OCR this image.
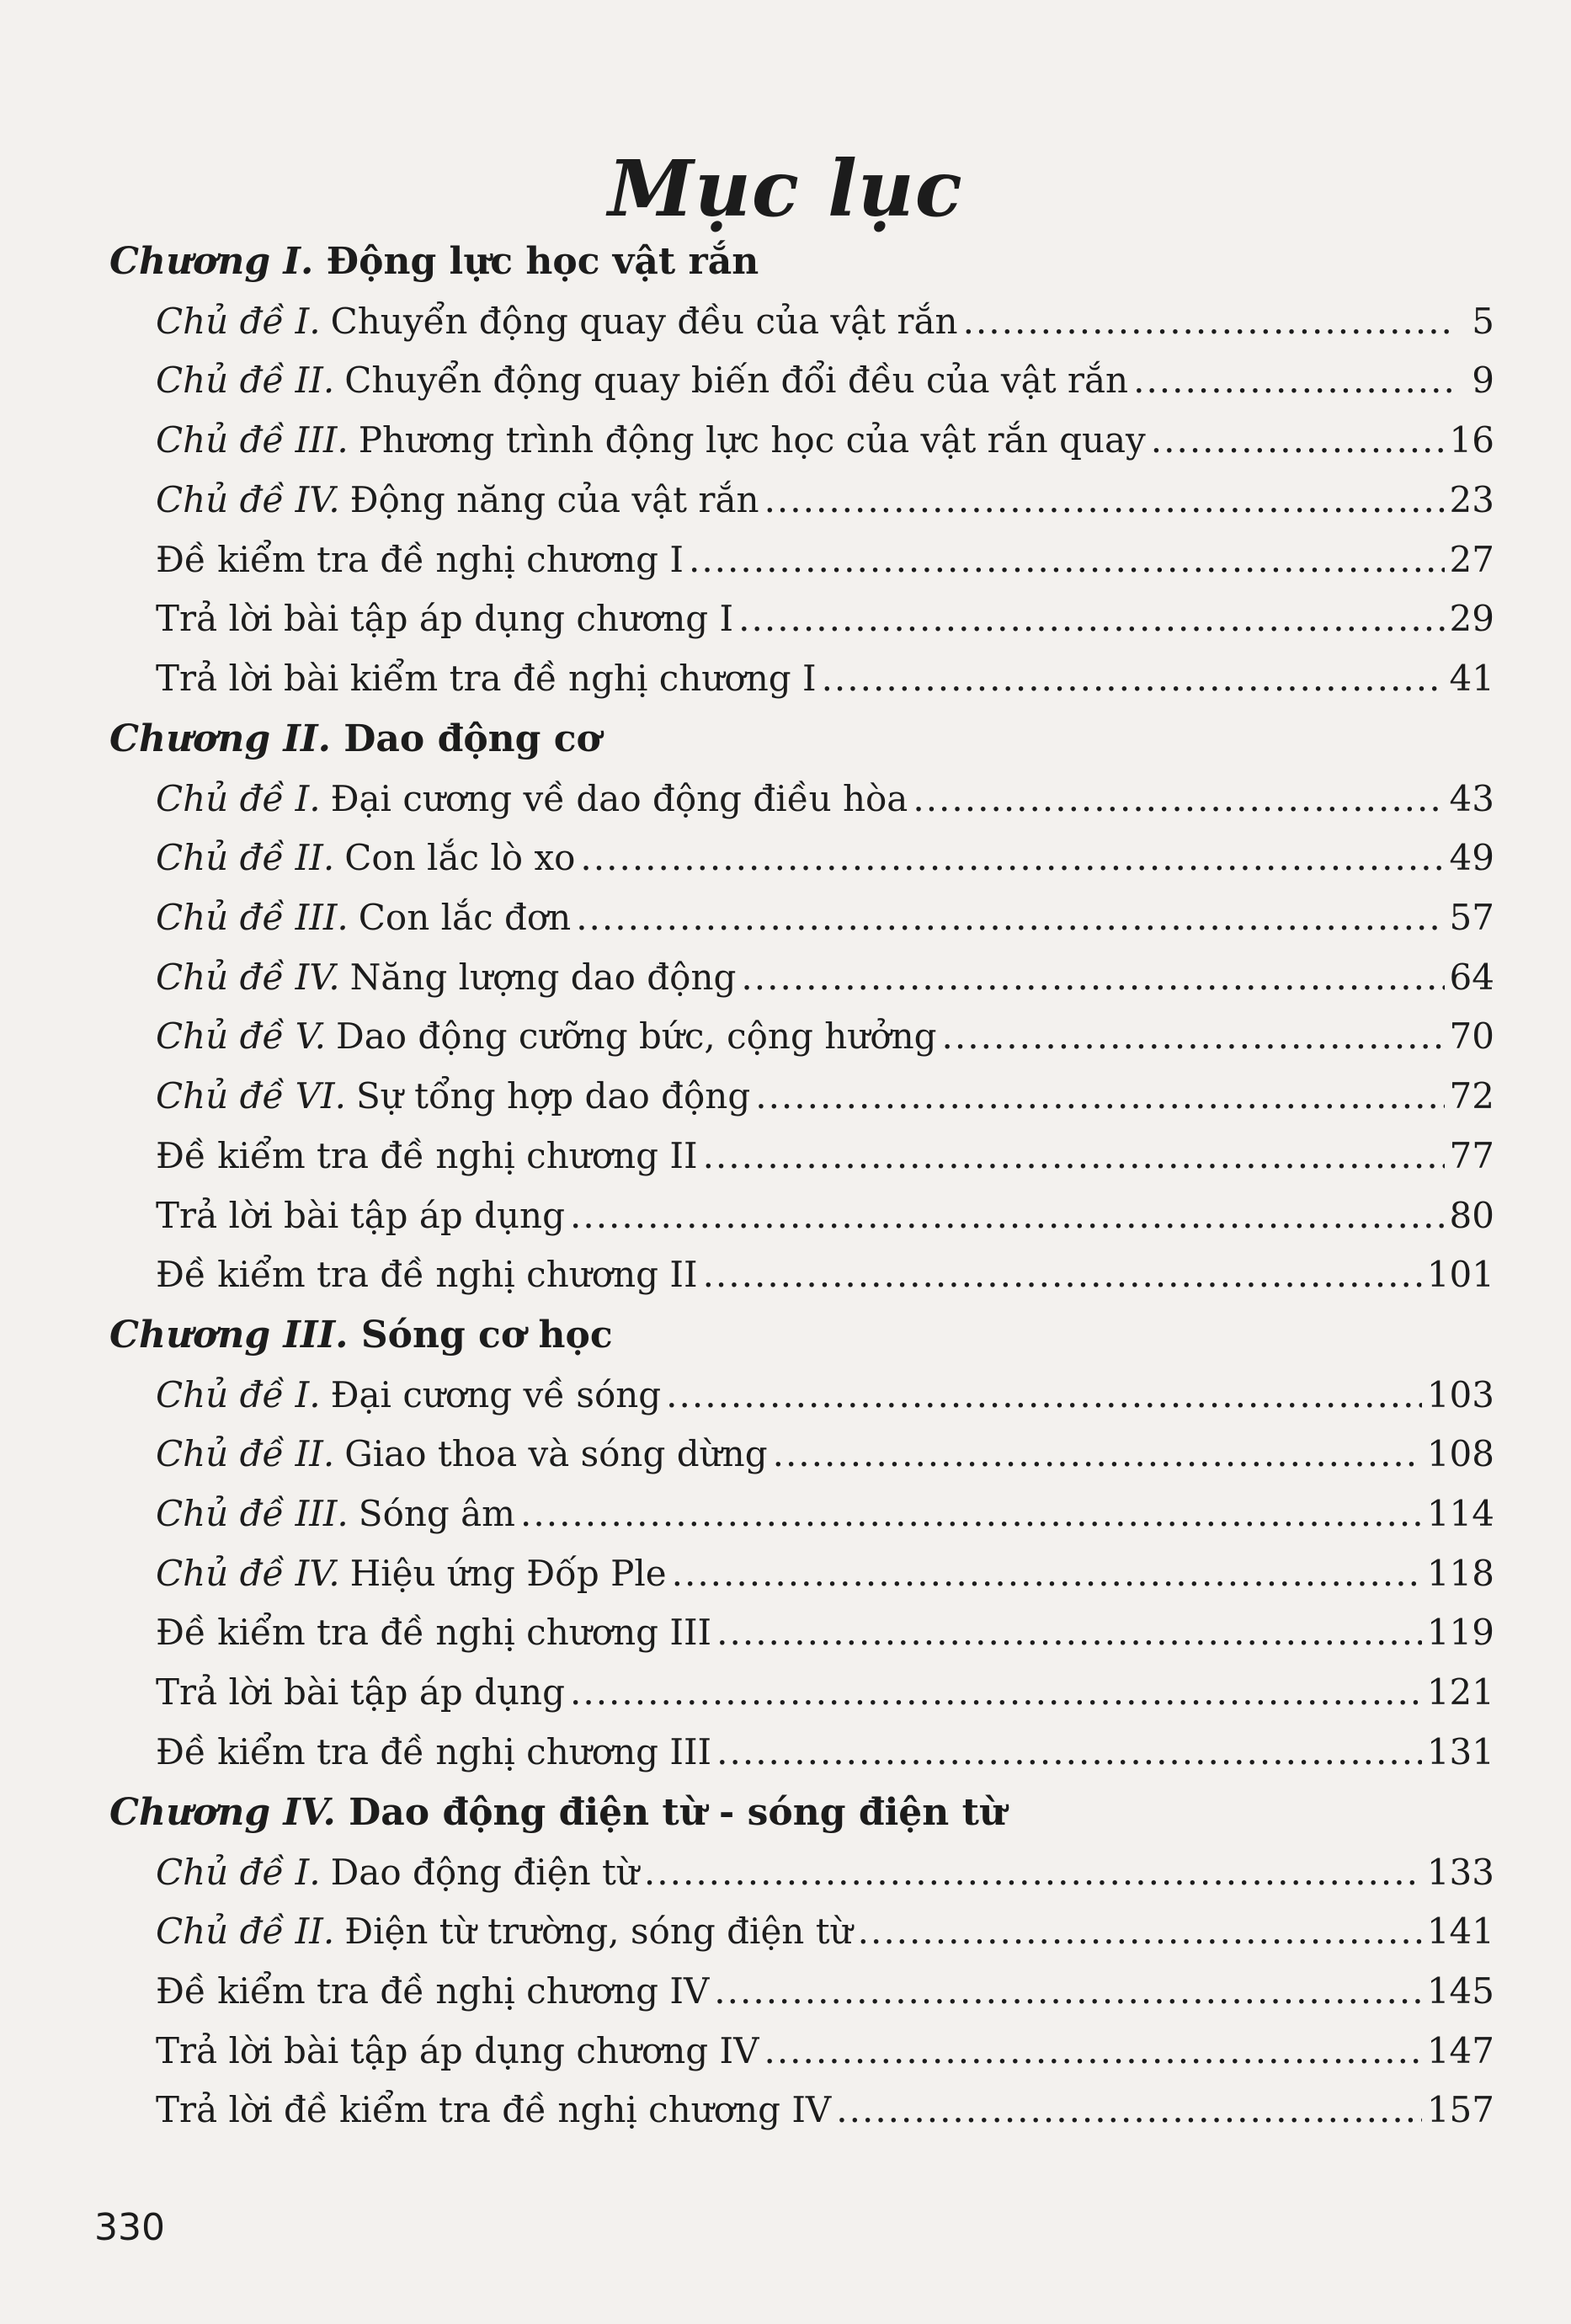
Mục lục
Chương I. Động lực học vật rắn
Chủ đề I. Chuyển động quay đều của vật rắn .....	5
Chủ đề II. Chuyển động quay biến đổi đều của vật rắn .....	9
Chủ đề III. Phương trình động lực học của vật rắn quay .....	16
Chủ đề IV. Động năng của vật rắn .....	23
Đề kiểm tra đề nghị chương I .....	27
Trả lời bài tập áp dụng chương I .....	29
Trả lời bài kiểm tra đề nghị chương I .....	41
Chương II. Dao động cơ
Chủ đề I. Đại cương về dao động điều hòa .....	43
Chủ đề II. Con lắc lò xo .....	49
Chủ đề III. Con lắc đơn .....	57
Chủ đề IV. Năng lượng dao động .....	64
Chủ đề V. Dao động cưỡng bức, cộng hưởng .....	70
Chủ đề VI. Sự tổng hợp dao động .....	72
Đề kiểm tra đề nghị chương II .....	77
Trả lời bài tập áp dụng .....	80
Đề kiểm tra đề nghị chương II .....	101
Chương III. Sóng cơ học
Chủ đề I. Đại cương về sóng .....	103
Chủ đề II. Giao thoa và sóng dừng .....	108
Chủ đề III. Sóng âm .....	114
Chủ đề IV. Hiệu ứng Đốp Ple .....	118
Đề kiểm tra đề nghị chương III .....	119
Trả lời bài tập áp dụng .....	121
Đề kiểm tra đề nghị chương III .....	131
Chương IV. Dao động điện từ - sóng điện từ
Chủ đề I. Dao động điện từ .....	133
Chủ đề II. Điện từ trường, sóng điện từ .....	141
Đề kiểm tra đề nghị chương IV .....	145
Trả lời bài tập áp dụng chương IV .....	147
Trả lời đề kiểm tra đề nghị chương IV .....	157
330
